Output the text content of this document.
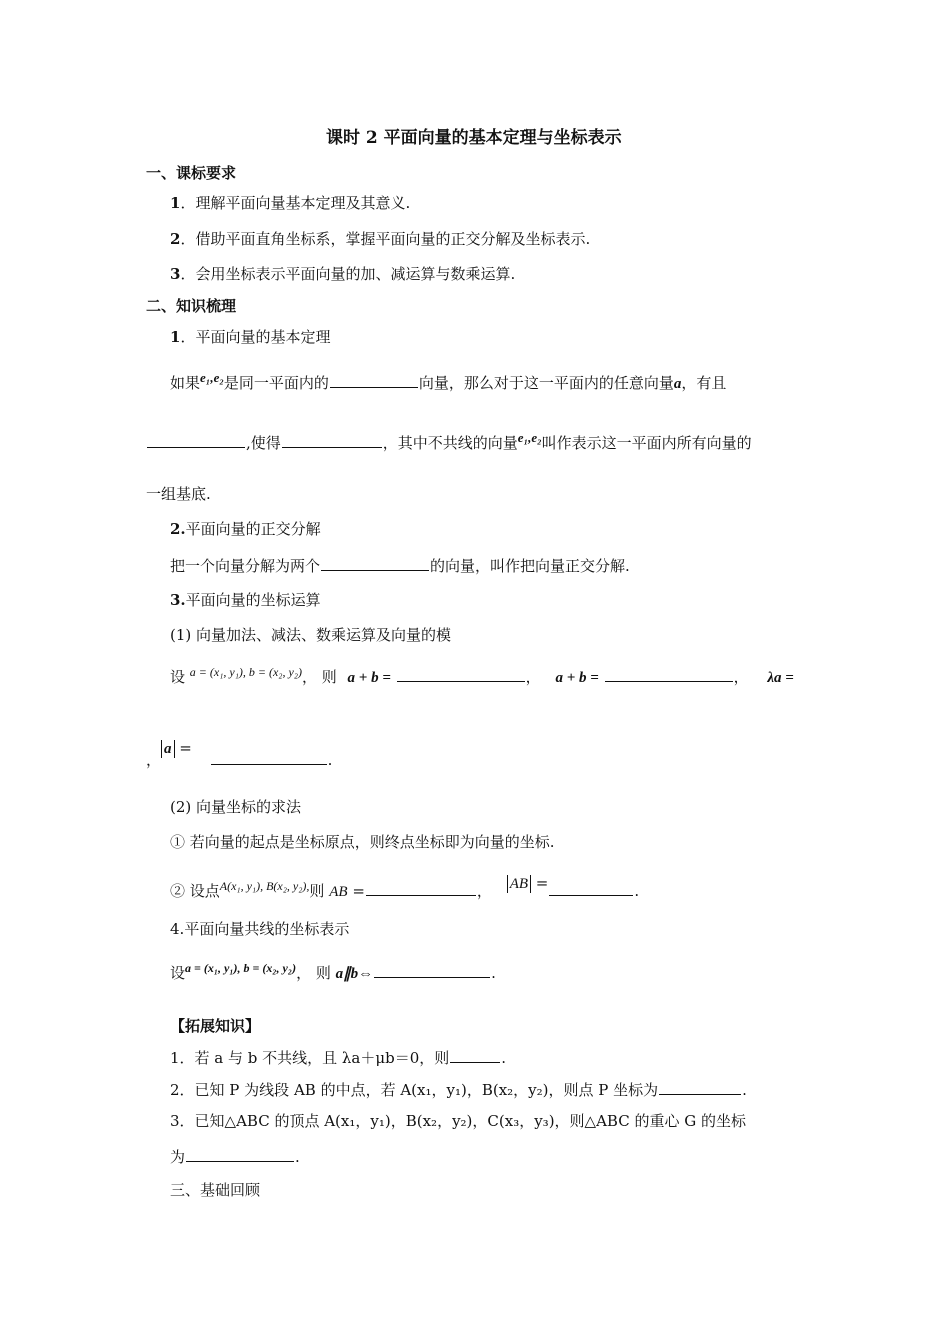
课时 2 平面向量的基本定理与坐标表示
一、课标要求
1．理解平面向量基本定理及其意义.
2．借助平面直角坐标系，掌握平面向量的正交分解及坐标表示.
3．会用坐标表示平面向量的加、减运算与数乘运算.
二、知识梳理
1．平面向量的基本定理
如果e₁,e₂是同一平面内的	向量，那么对于这一平面内的任意向量a，有且
,使得	，其中不共线的向量e₁,e₂叫作表示这一平面内所有向量的
一组基底.
2.平面向量的正交分解
把一个向量分解为两个	的向量，叫作把向量正交分解.
3.平面向量的坐标运算
(1) 向量加法、减法、数乘运算及向量的模
设 $^{a = (x_1, y_1), b = (x_2, y_2)}$， 则 a + b =	， a + b =	， λa =
，a = .
(2) 向量坐标的求法
① 若向量的起点是坐标原点，则终点坐标即为向量的坐标.
② 设点$^{A(x_1, y_1), B(x_2, y_2),}$则 AB =	， AB =	.
4.平面向量共线的坐标表示
设$^{a = (x_1, y_1), b = (x_2, y_2)}$， 则 a∥b⇔	.
【拓展知识】
1．若 a 与 b 不共线，且 λa＋μb＝0，则	.
2．已知 P 为线段 AB 的中点，若 A(x₁，y₁)，B(x₂，y₂)，则点 P 坐标为	.
3．已知△ABC 的顶点 A(x₁，y₁)，B(x₂，y₂)，C(x₃，y₃)，则△ABC 的重心 G 的坐标
为	.
三、基础回顾
